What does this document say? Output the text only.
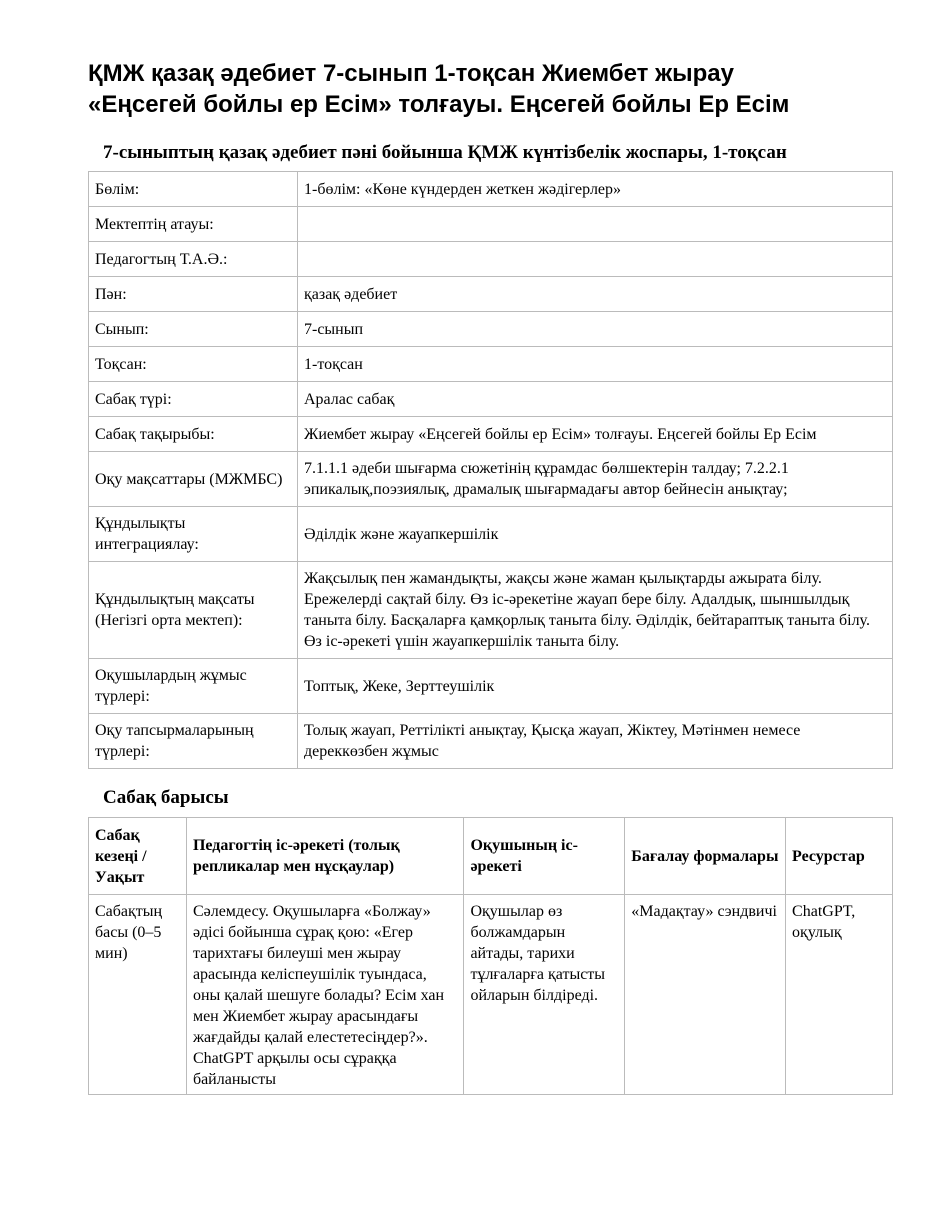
ҚМЖ қазақ әдебиет 7-сынып 1-тоқсан Жиембет жырау
«Еңсегей бойлы ер Есім» толғауы. Еңсегей бойлы Ер Есім
7-сыныптың қазақ әдебиет пәні бойынша ҚМЖ күнтізбелік жоспары, 1-тоқсан
Бөлім:	1-бөлім: «Көне күндерден жеткен жәдігерлер»
Мектептің атауы:	
Педагогтың Т.А.Ә.:	
Пән:	қазақ әдебиет
Сынып:	7-сынып
Тоқсан:	1-тоқсан
Сабақ түрі:	Аралас сабақ
Сабақ тақырыбы:	Жиембет жырау «Еңсегей бойлы ер Есім» толғауы. Еңсегей бойлы Ер Есім
Оқу мақсаттары (МЖМБС)	7.1.1.1 әдеби шығарма сюжетінің құрамдас бөлшектерін талдау; 7.2.2.1 эпикалық,поэзиялық, драмалық шығармадағы автор бейнесін анықтау;
Құндылықты интеграциялау:	Әділдік және жауапкершілік
Құндылықтың мақсаты (Негізгі орта мектеп):	Жақсылық пен жамандықты, жақсы және жаман қылықтарды ажырата білу. Ережелерді сақтай білу. Өз іс-әрекетіне жауап бере білу. Адалдық, шыншылдық танытa білу. Басқаларға қамқорлық таныта білу. Әділдік, бейтараптық таныта білу. Өз іс-әрекеті үшін жауапкершілік таныта білу.
Оқушылардың жұмыс түрлері:	Топтық, Жеке, Зерттеушілік
Оқу тапсырмаларының түрлері:	Толық жауап, Реттілікті анықтау, Қысқа жауап, Жіктеу, Мәтінмен немесе дереккөзбен жұмыс
Сабақ барысы
Сабақ кезеңі / Уақыт	Педагогтің іс-әрекеті (толық репликалар мен нұсқаулар)	Оқушының іс-әрекеті	Бағалау формалары	Ресурстар
Сабақтың басы (0–5 мин)	Сәлемдесу. Оқушыларға «Болжау» әдісі бойынша сұрақ қою: «Егер тарихтағы билеуші мен жырау арасында келіспеушілік туындаса, оны қалай шешуге болады? Есім хан мен Жиембет жырау арасындағы жағдайды қалай елестетесіңдер?». ChatGPT арқылы осы сұраққа байланысты	Оқушылар өз болжамдарын айтады, тарихи тұлғаларға қатысты ойларын білдіреді.	«Мадақтау» сэндвичі	ChatGPT, оқулық
